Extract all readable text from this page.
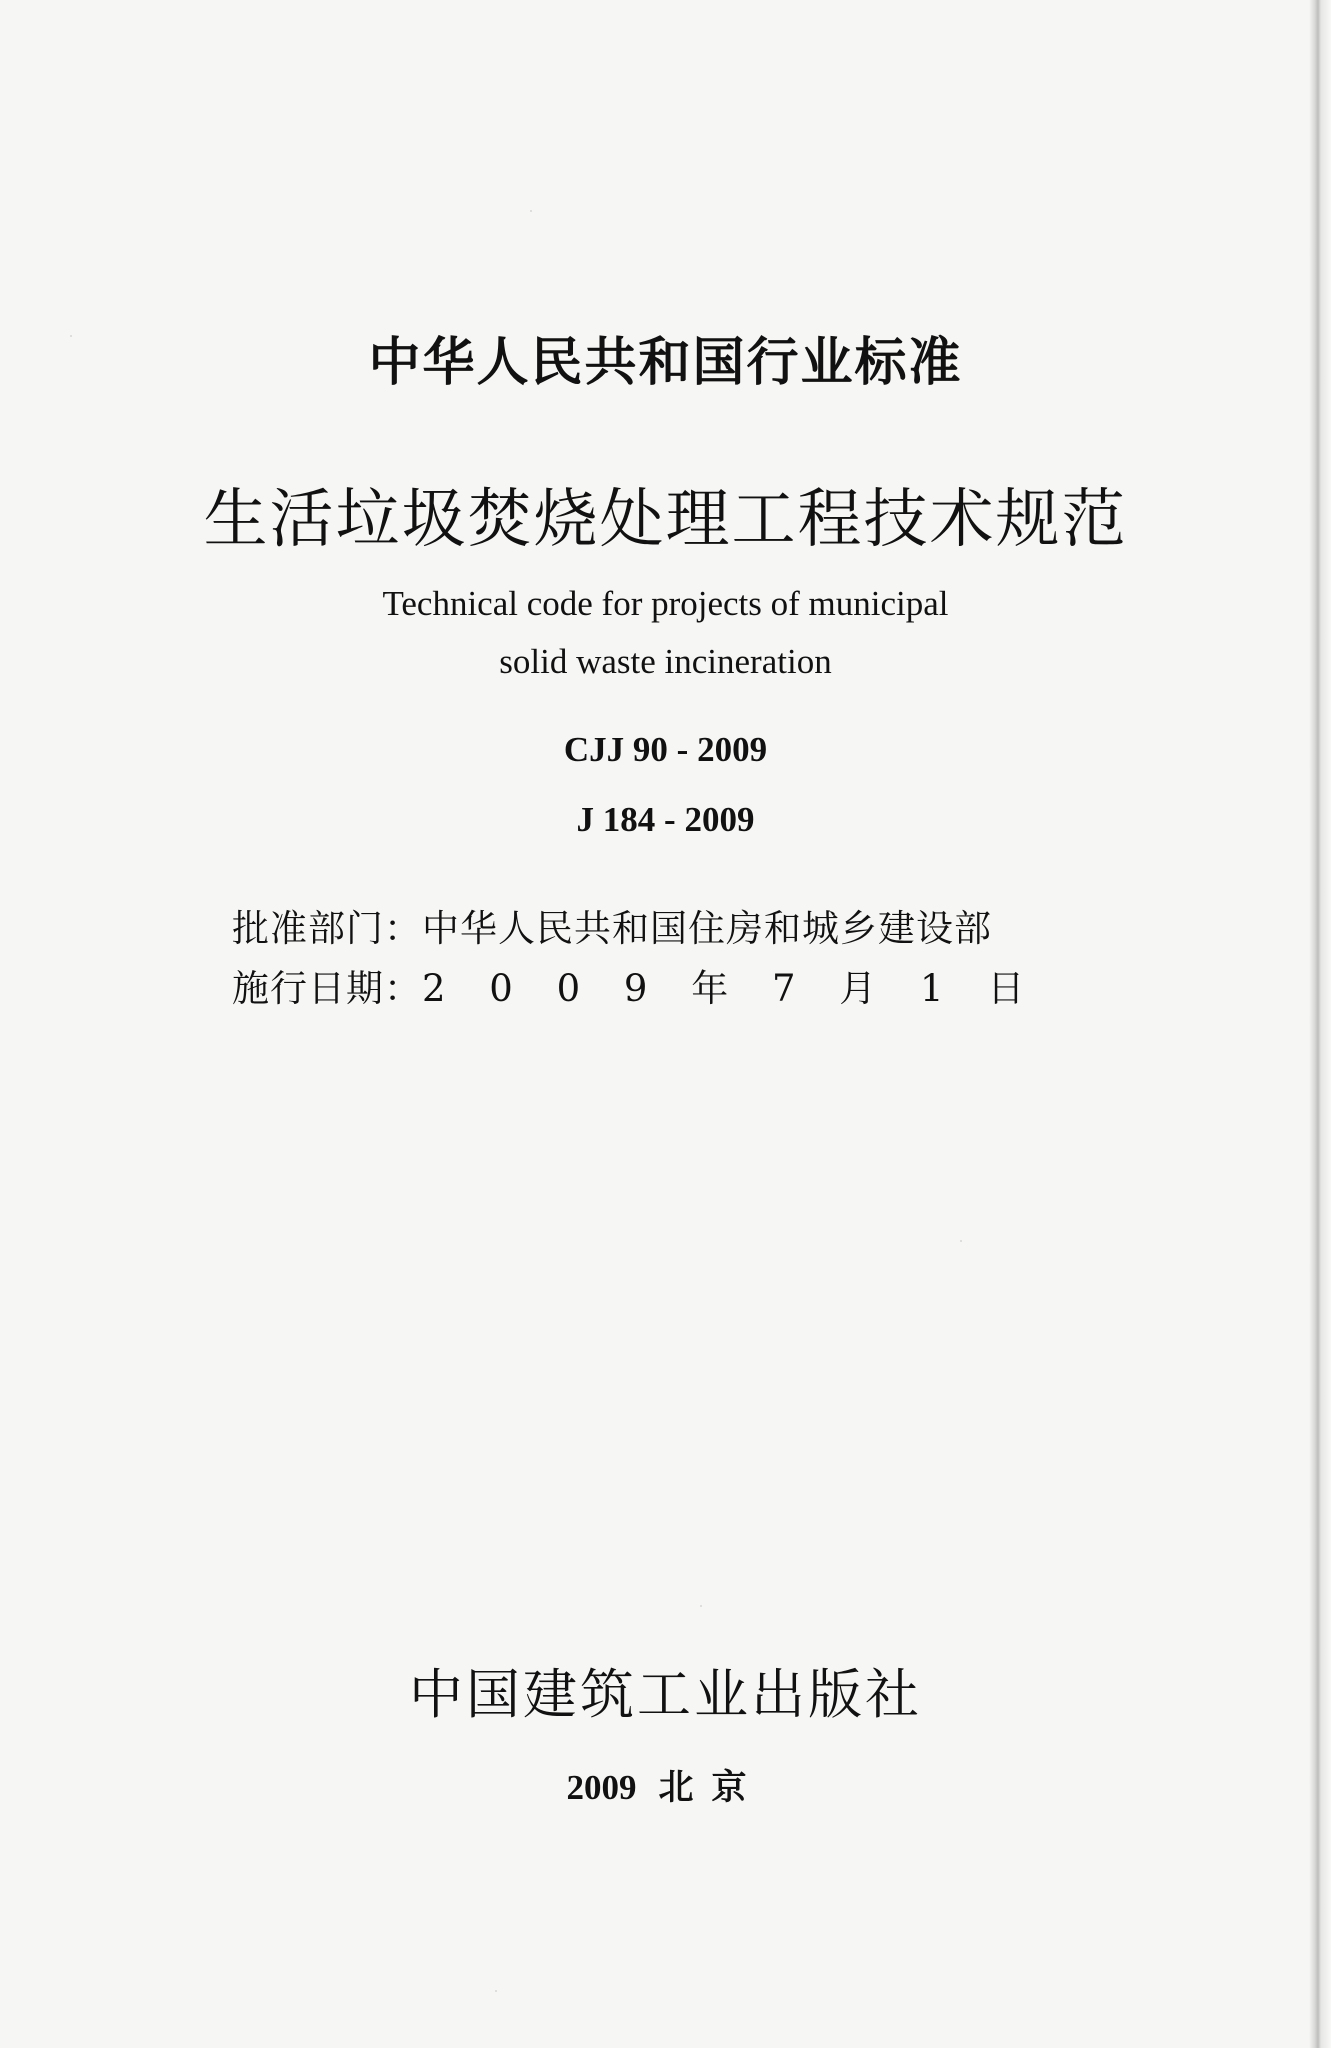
中华人民共和国行业标准
生活垃圾焚烧处理工程技术规范
Technical code for projects of municipal
solid waste incineration
CJJ 90 - 2009
J 184 - 2009
批准部门：中华人民共和国住房和城乡建设部
施行日期：2 0 0 9 年 7 月 1 日
中国建筑工业出版社
2009 北京
